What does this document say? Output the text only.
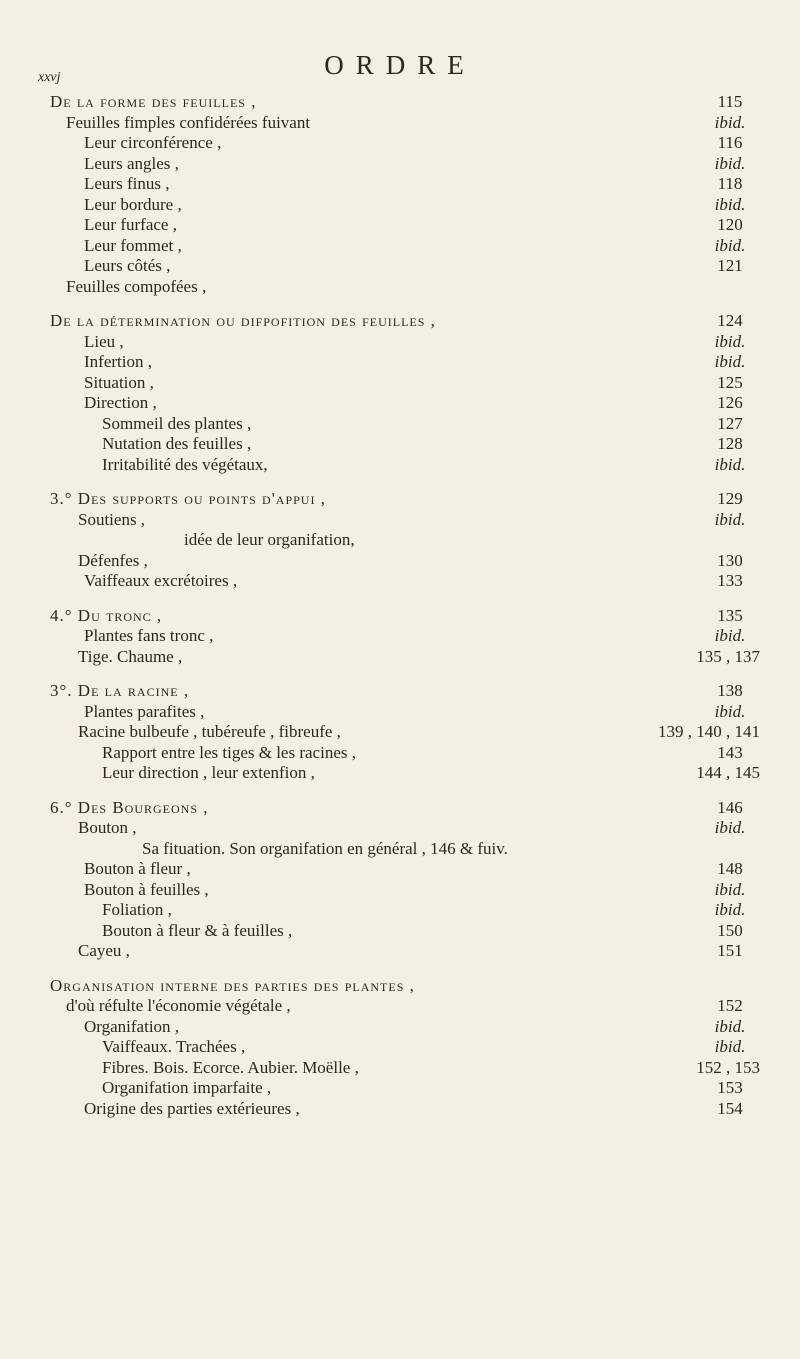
ORDRE
xxvj
De la forme des feuilles ,	115
Feuilles fimples confidérées fuivant	ibid.
Leur circonférence ,	116
Leurs angles ,	ibid.
Leurs finus ,	118
Leur bordure ,	ibid.
Leur furface ,	120
Leur fommet ,	ibid.
Leurs côtés ,	121
Feuilles compofées ,
De la détermination ou difpofition des feuilles ,	124
Lieu ,	ibid.
Infertion ,	ibid.
Situation ,	125
Direction ,	126
Sommeil des plantes ,	127
Nutation des feuilles ,	128
Irritabilité des végétaux,	ibid.
3.° Des supports ou points d'appui ,	129
Soutiens ,	ibid.
idée de leur organifation,
Défenfes ,	130
Vaiffeaux excrétoires ,	133
4.° Du tronc ,	135
Plantes fans tronc ,	ibid.
Tige. Chaume ,	135 , 137
3°. De la racine ,	138
Plantes parafites ,	ibid.
Racine bulbeufe , tubéreufe , fibreufe ,	139 , 140 , 141
Rapport entre les tiges & les racines ,	143
Leur direction , leur extenfion ,	144 , 145
6.° Des Bourgeons ,	146
Bouton ,	ibid.
Sa fituation. Son organifation en général , 146 & fuiv.
Bouton à fleur ,	148
Bouton à feuilles ,	ibid.
Foliation ,	ibid.
Bouton à fleur & à feuilles ,	150
Cayeu ,	151
Organisation interne des parties des plantes ,
d'où réfulte l'économie végétale ,	152
Organifation ,	ibid.
Vaiffeaux. Trachées ,	ibid.
Fibres. Bois. Ecorce. Aubier. Moëlle ,	152 , 153
Organifation imparfaite ,	153
Origine des parties extérieures ,	154
